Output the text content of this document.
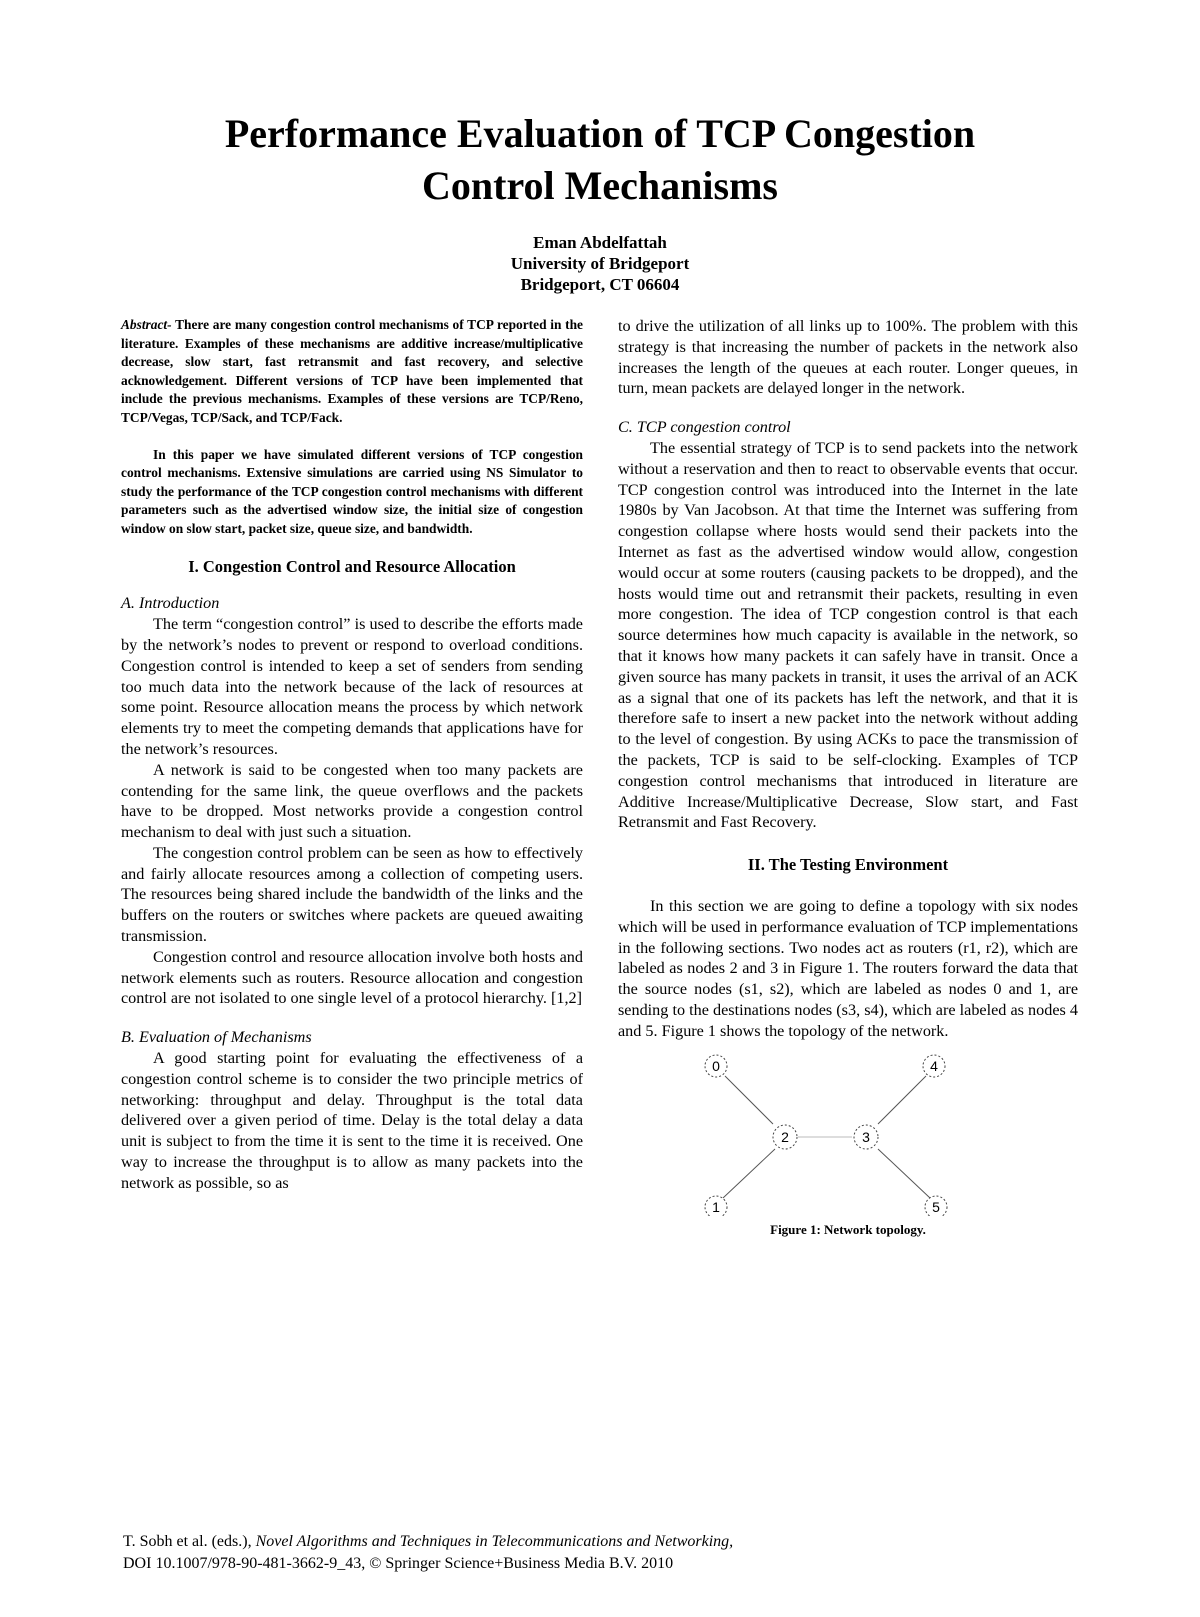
Performance Evaluation of TCP Congestion
Control Mechanisms
Eman Abdelfattah
University of Bridgeport
Bridgeport, CT 06604

Abstract- There are many congestion control mechanisms of TCP reported in the literature. Examples of these mechanisms are additive increase/multiplicative decrease, slow start, fast retransmit and fast recovery, and selective acknowledgement. Different versions of TCP have been implemented that include the previous mechanisms. Examples of these versions are TCP/Reno, TCP/Vegas, TCP/Sack, and TCP/Fack.

In this paper we have simulated different versions of TCP congestion control mechanisms. Extensive simulations are carried using NS Simulator to study the performance of the TCP congestion control mechanisms with different parameters such as the advertised window size, the initial size of congestion window on slow start, packet size, queue size, and bandwidth.

I. Congestion Control and Resource Allocation
A. Introduction

The term “congestion control” is used to describe the efforts made by the network’s nodes to prevent or respond to overload conditions. Congestion control is intended to keep a set of senders from sending too much data into the network because of the lack of resources at some point. Resource allocation means the process by which network elements try to meet the competing demands that applications have for the network’s resources.

A network is said to be congested when too many packets are contending for the same link, the queue overflows and the packets have to be dropped. Most networks provide a congestion control mechanism to deal with just such a situation.

The congestion control problem can be seen as how to effectively and fairly allocate resources among a collection of competing users. The resources being shared include the bandwidth of the links and the buffers on the routers or switches where packets are queued awaiting transmission.

Congestion control and resource allocation involve both hosts and network elements such as routers. Resource allocation and congestion control are not isolated to one single level of a protocol hierarchy. [1,2]

B. Evaluation of Mechanisms

A good starting point for evaluating the effectiveness of a congestion control scheme is to consider the two principle metrics of networking: throughput and delay. Throughput is the total data delivered over a given period of time. Delay is the total delay a data unit is subject to from the time it is sent to the time it is received. One way to increase the throughput is to allow as many packets into the network as possible, so as

to drive the utilization of all links up to 100%. The problem with this strategy is that increasing the number of packets in the network also increases the length of the queues at each router. Longer queues, in turn, mean packets are delayed longer in the network.

C. TCP congestion control

The essential strategy of TCP is to send packets into the network without a reservation and then to react to observable events that occur. TCP congestion control was introduced into the Internet in the late 1980s by Van Jacobson. At that time the Internet was suffering from congestion collapse where hosts would send their packets into the Internet as fast as the advertised window would allow, congestion would occur at some routers (causing packets to be dropped), and the hosts would time out and retransmit their packets, resulting in even more congestion. The idea of TCP congestion control is that each source determines how much capacity is available in the network, so that it knows how many packets it can safely have in transit. Once a given source has many packets in transit, it uses the arrival of an ACK as a signal that one of its packets has left the network, and that it is therefore safe to insert a new packet into the network without adding to the level of congestion. By using ACKs to pace the transmission of the packets, TCP is said to be self-clocking. Examples of TCP congestion control mechanisms that introduced in literature are Additive Increase/Multiplicative Decrease, Slow start, and Fast Retransmit and Fast Recovery.

II. The Testing Environment

In this section we are going to define a topology with six nodes which will be used in performance evaluation of TCP implementations in the following sections. Two nodes act as routers (r1, r2), which are labeled as nodes 2 and 3 in Figure 1. The routers forward the data that the source nodes (s1, s2), which are labeled as nodes 0 and 1, are sending to the destinations nodes (s3, s4), which are labeled as nodes 4 and 5. Figure 1 shows the topology of the network.

0
1
2	3
4
5
Figure 1: Network topology.
T. Sobh et al. (eds.), Novel Algorithms and Techniques in Telecommunications and Networking,
DOI 10.1007/978-90-481-3662-9_43, © Springer Science+Business Media B.V. 2010
